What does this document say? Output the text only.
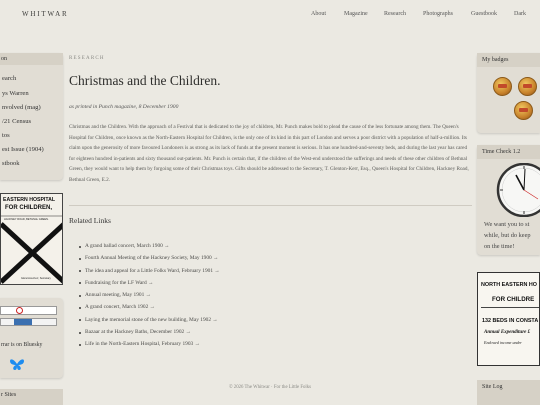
WHITWAR	About	Magazine	Research	Photographs	Guestbook	Dark
on
earch
ys Warren
nvolved (mag)
/21 Census
tos
est Issue (1904)
stbook
EASTERN HOSPITAL
FOR CHILDREN,
HACKNEY ROAD, BETHNAL GREEN.
Glencross-Kerr, Secretary
rrar is on Bluesky
r Sites
RESEARCH
Christmas and the Children.
as printed in Punch magazine, 8 December 1900
Christmas and the Children. With the approach of a Festival that is dedicated to the joy of children, Mr. Punch makes bold to plead the cause of the less fortunate among them. The Queen's Hospital for Children, once known as the North-Eastern Hospital for Children, is the only one of its kind in this part of London and serves a poor district with a population of half-a-million. Its claim upon the generosity of more favoured Londoners is as strong as its lack of funds at the present moment is serious. It has one hundred-and-seventy beds, and during the last year has cared for eighteen hundred in-patients and sixty thousand out-patients. Mr. Punch is certain that, if the children of the West-end understood the sufferings and needs of these other children of Bethnal Green, they would want to help them by forgoing some of their Christmas toys. Gifts should be addressed to the Secretary, T. Glenton-Kerr, Esq., Queen's Hospital for Children, Hackney Road, Bethnal Green, E.2.
Related Links
A grand ballad concert, March 1900 →
Fourth Annual Meeting of the Hackney Society, May 1900 →
The idea and appeal for a Little Folks Ward, February 1901 →
Fundraising for the LF Ward →
Annual meeting, May 1901 →
A grand concert, March 1902 →
Laying the memorial stone of the new building, May 1902 →
Bazaar at the Hackney Baths, December 1902 →
Life in the North-Eastern Hospital, February 1903 →
© 2026 The Whitwar · For the Little Folks
My badges
Time Check 1.2
We want you to st
while, but do keep
on the time!
NORTH EASTERN HO
FOR CHILDRE
132 BEDS IN CONSTA
Annual Expenditure £
Endowed income under
Site Log
